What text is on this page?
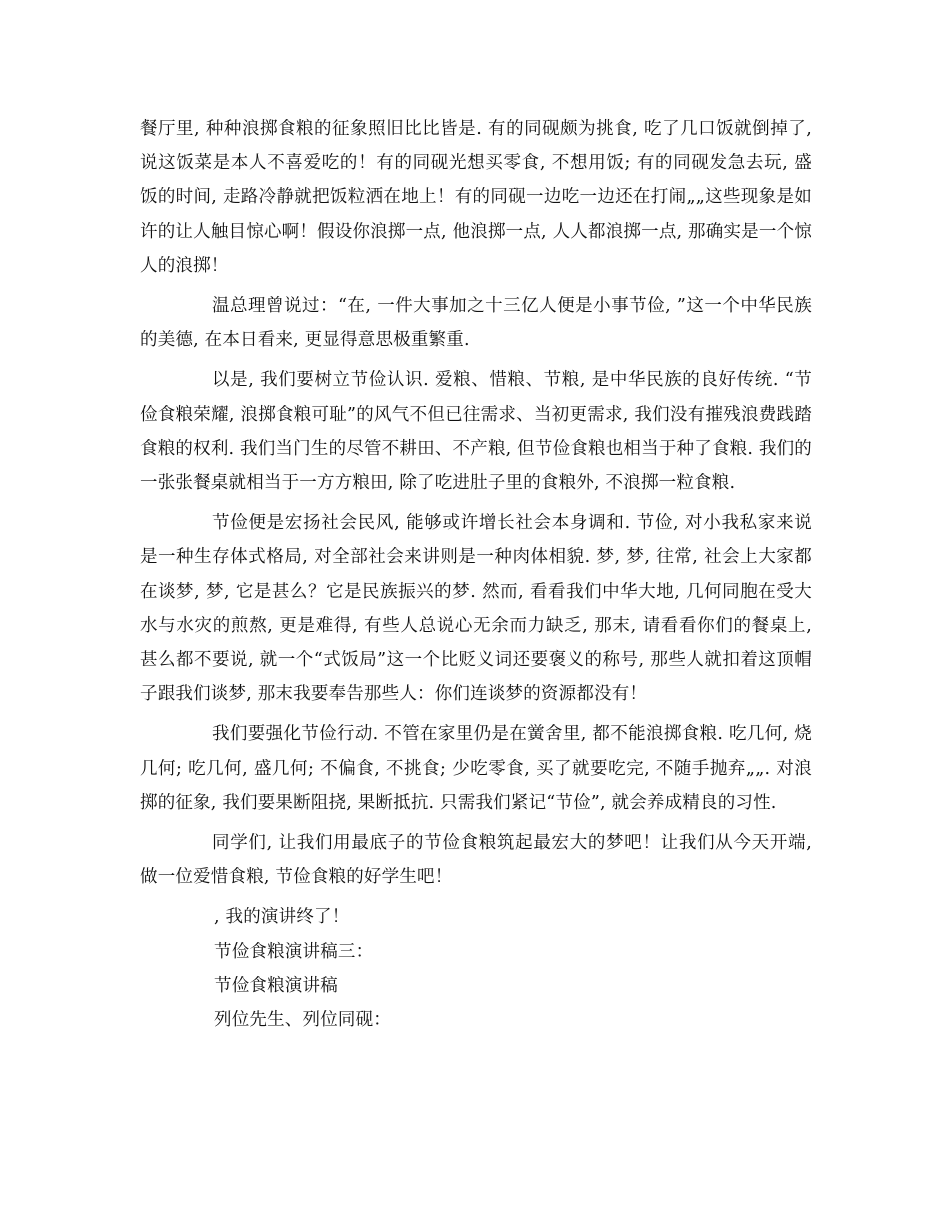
餐厅里, 种种浪掷食粮的征象照旧比比皆是. 有的同砚颇为挑食, 吃了几口饭就倒掉了, 说这饭菜是本人不喜爱吃的！有的同砚光想买零食, 不想用饭; 有的同砚发急去玩, 盛饭的时间, 走路冷静就把饭粒洒在地上！有的同砚一边吃一边还在打闹„„这些现象是如许的让人触目惊心啊！假设你浪掷一点, 他浪掷一点, 人人都浪掷一点, 那确实是一个惊人的浪掷！

温总理曾说过：“在, 一件大事加之十三亿人便是小事节俭, ”这一个中华民族的美德, 在本日看来, 更显得意思极重繁重.

以是, 我们要树立节俭认识. 爱粮、惜粮、节粮, 是中华民族的良好传统. “节俭食粮荣耀, 浪掷食粮可耻”的风气不但已往需求、当初更需求, 我们没有摧残浪费践踏食粮的权利. 我们当门生的尽管不耕田、不产粮, 但节俭食粮也相当于种了食粮. 我们的一张张餐桌就相当于一方方粮田, 除了吃进肚子里的食粮外, 不浪掷一粒食粮.

节俭便是宏扬社会民风, 能够或许增长社会本身调和. 节俭, 对小我私家来说是一种生存体式格局, 对全部社会来讲则是一种肉体相貌. 梦, 梦, 往常, 社会上大家都在谈梦, 梦, 它是甚么？它是民族振兴的梦. 然而, 看看我们中华大地, 几何同胞在受大水与水灾的煎熬, 更是难得, 有些人总说心无余而力缺乏, 那末, 请看看你们的餐桌上, 甚么都不要说, 就一个“式饭局”这一个比贬义词还要褒义的称号, 那些人就扣着这顶帽子跟我们谈梦, 那末我要奉告那些人：你们连谈梦的资源都没有！

我们要强化节俭行动. 不管在家里仍是在黉舍里, 都不能浪掷食粮. 吃几何, 烧几何; 吃几何, 盛几何; 不偏食, 不挑食; 少吃零食, 买了就要吃完, 不随手抛弃„„. 对浪掷的征象, 我们要果断阻挠, 果断抵抗. 只需我们紧记“节俭”, 就会养成精良的习性.

同学们, 让我们用最底子的节俭食粮筑起最宏大的梦吧！让我们从今天开端, 做一位爱惜食粮, 节俭食粮的好学生吧！

, 我的演讲终了！

节俭食粮演讲稿三：

节俭食粮演讲稿

列位先生、列位同砚：
